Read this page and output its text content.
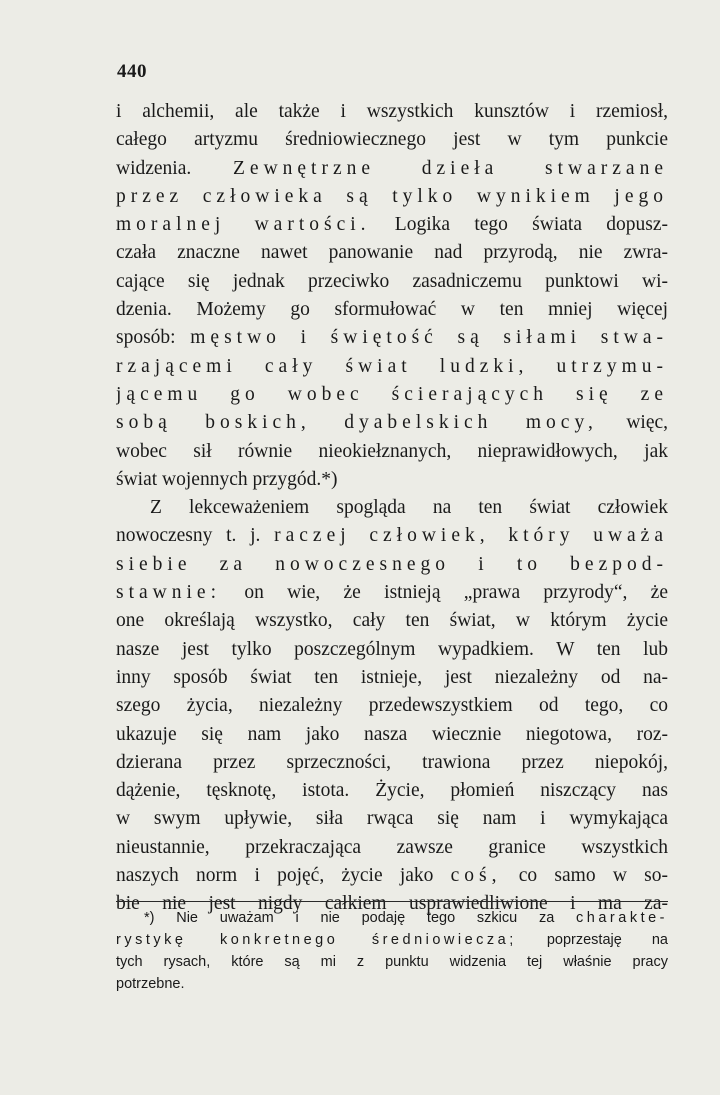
440
i alchemii, ale także i wszystkich kunsztów i rzemiosł,
całego artyzmu średniowiecznego jest w tym punkcie
widzenia. Zewnętrzne dzieła stwarzane
przez człowieka są tylko wynikiem jego
moralnej wartości. Logika tego świata dopusz-
czała znaczne nawet panowanie nad przyrodą, nie zwra-
cające się jednak przeciwko zasadniczemu punktowi wi-
dzenia. Możemy go sformułować w ten mniej więcej
sposób: męstwo i świętość są siłami stwa-
rzającemi cały świat ludzki, utrzymu-
jącemu go wobec ścierających się ze
sobą boskich, dyabelskich mocy, więc,
wobec sił równie nieokiełznanych, nieprawidłowych, jak
świat wojennych przygód.*)
Z lekceważeniem spogląda na ten świat człowiek
nowoczesny t. j. raczej człowiek, który uważa
siebie za nowoczesnego i to bezpod-
stawnie: on wie, że istnieją „prawa przyrody“, że
one określają wszystko, cały ten świat, w którym życie
nasze jest tylko poszczególnym wypadkiem. W ten lub
inny sposób świat ten istnieje, jest niezależny od na-
szego życia, niezależny przedewszystkiem od tego, co
ukazuje się nam jako nasza wiecznie niegotowa, roz-
dzierana przez sprzeczności, trawiona przez niepokój,
dążenie, tęsknotę, istota. Życie, płomień niszczący nas
w swym upływie, siła rwąca się nam i wymykająca
nieustannie, przekraczająca zawsze granice wszystkich
naszych norm i pojęć, życie jako coś, co samo w so-
bie nie jest nigdy całkiem usprawiedliwione i ma za-
*) Nie uważam i nie podaję tego szkicu za charakte-
rystykę konkretnego średniowiecza; poprzestaję na
tych rysach, które są mi z punktu widzenia tej właśnie pracy
potrzebne.
